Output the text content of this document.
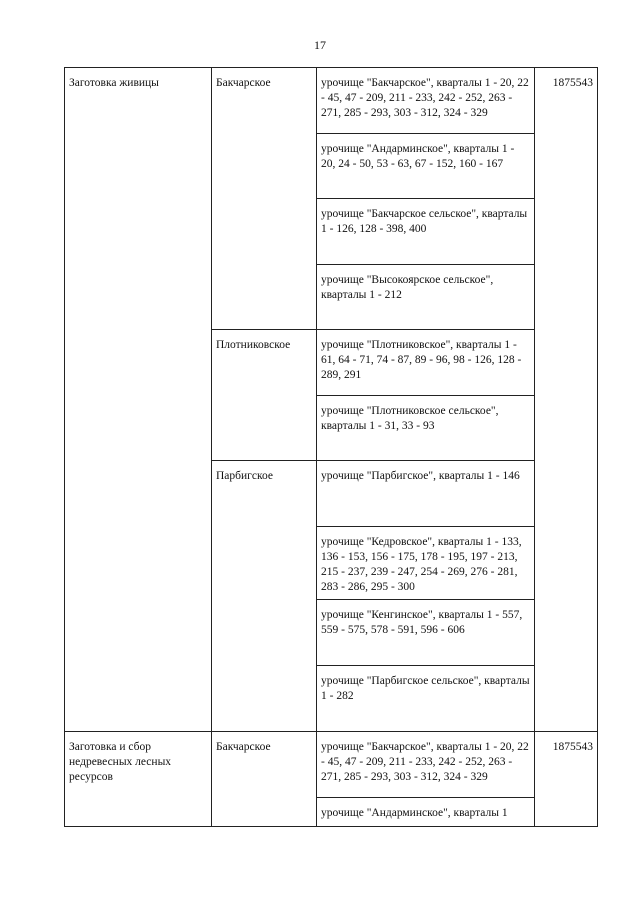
17
Заготовка живицы	Бакчарское	урочище "Бакчарское", кварталы 1 - 20, 22 - 45, 47 - 209, 211 - 233, 242 - 252, 263 - 271, 285 - 293, 303 - 312, 324 - 329	1875543
		урочище "Андарминское", кварталы 1 - 20, 24 - 50, 53 - 63, 67 - 152, 160 - 167	
		урочище "Бакчарское сельское", кварталы 1 - 126, 128 - 398, 400	
		урочище "Высокоярское сельское", кварталы 1 - 212	
	Плотниковское	урочище "Плотниковское", кварталы 1 - 61, 64 - 71, 74 - 87, 89 - 96, 98 - 126, 128 - 289, 291	
		урочище "Плотниковское сельское", кварталы 1 - 31, 33 - 93	
	Парбигское	урочище "Парбигское", кварталы 1 - 146	
		урочище "Кедровское", кварталы 1 - 133, 136 - 153, 156 - 175, 178 - 195, 197 - 213, 215 - 237, 239 - 247, 254 - 269, 276 - 281, 283 - 286, 295 - 300	
		урочище "Кенгинское", кварталы 1 - 557, 559 - 575, 578 - 591, 596 - 606	
		урочище "Парбигское сельское", кварталы 1 - 282	
Заготовка и сбор недревесных лесных ресурсов	Бакчарское	урочище "Бакчарское", кварталы 1 - 20, 22 - 45, 47 - 209, 211 - 233, 242 - 252, 263 - 271, 285 - 293, 303 - 312, 324 - 329	1875543
		урочище "Андарминское", кварталы 1	
